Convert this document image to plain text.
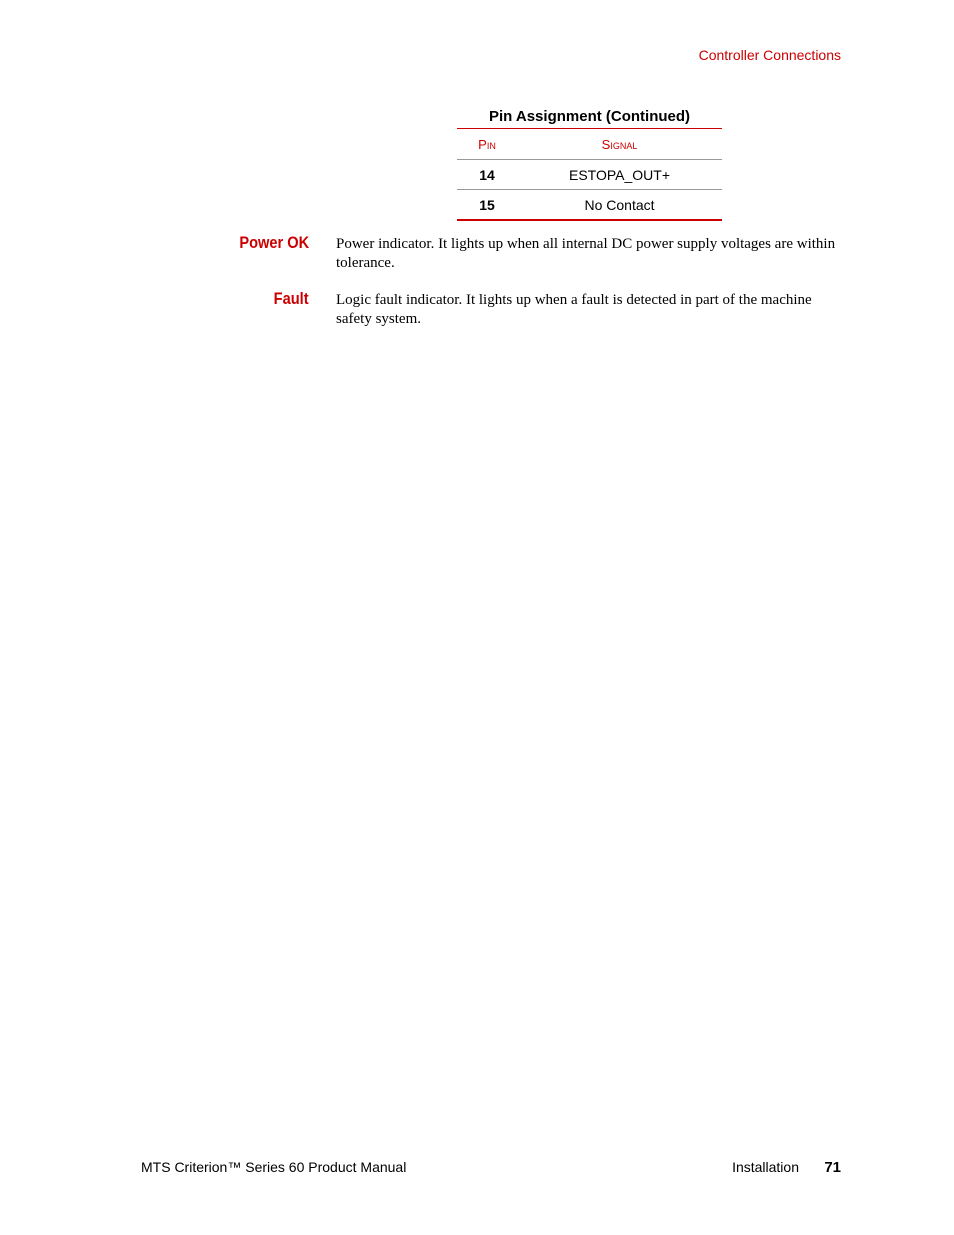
Controller Connections
Pin Assignment (Continued)
Pin	Signal
14	ESTOPA_OUT+
15	No Contact
Power OK Power indicator. It lights up when all internal DC power supply voltages are within tolerance.
Fault Logic fault indicator. It lights up when a fault is detected in part of the machine safety system.
MTS Criterion™ Series 60 Product Manual	Installation 71
